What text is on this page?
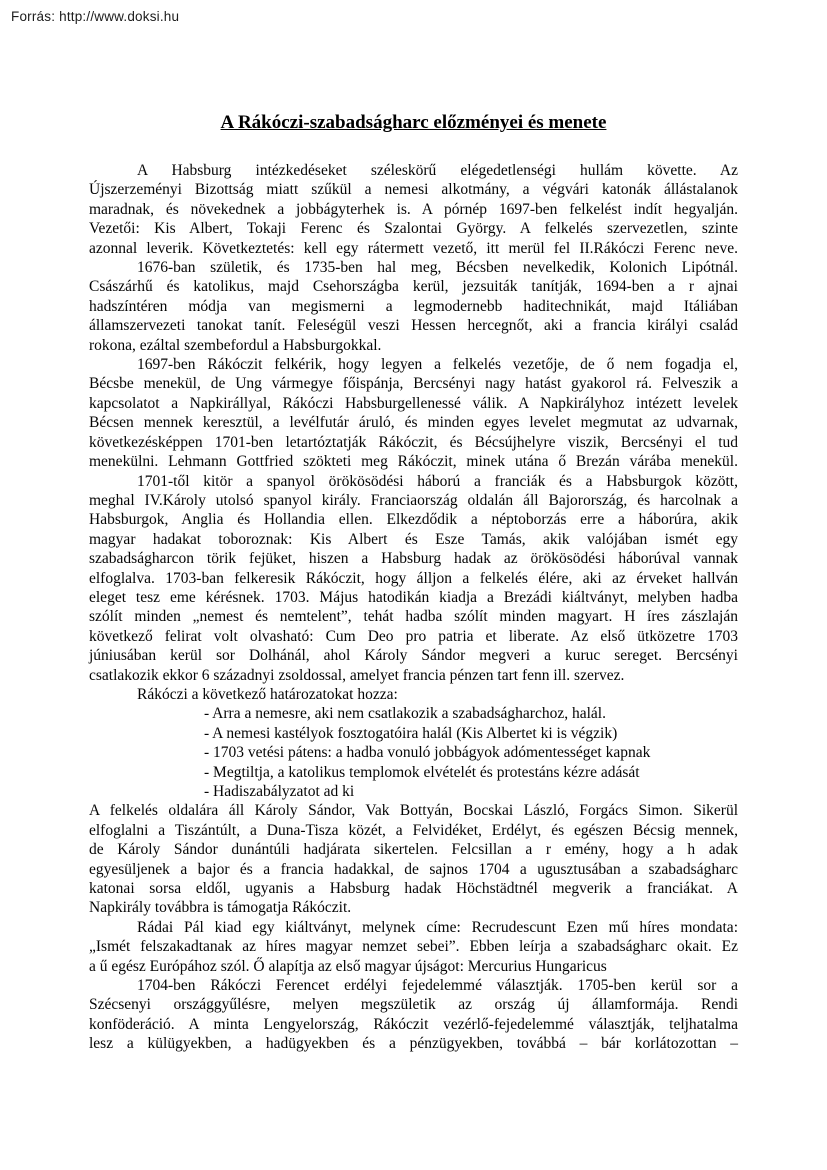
Forrás: http://www.doksi.hu
A Rákóczi-szabadságharc előzményei és menete
A Habsburg intézkedéseket széleskörű elégedetlenségi hullám követte. Az
Újszerzeményi Bizottság miatt szűkül a nemesi alkotmány, a végvári katonák állástalanok
maradnak, és növekednek a jobbágyterhek is. A pórnép 1697-ben felkelést indít hegyalján.
Vezetői: Kis Albert, Tokaji Ferenc és Szalontai György. A felkelés szervezetlen, szinte
azonnal leverik. Következtetés: kell egy rátermett vezető, itt merül fel II.Rákóczi Ferenc neve.
1676-ban születik, és 1735-ben hal meg, Bécsben nevelkedik, Kolonich Lipótnál.
Császárhű és katolikus, majd Csehországba kerül, jezsuiták tanítják, 1694-ben a r ajnai
hadszíntéren módja van megismerni a legmodernebb haditechnikát, majd Itáliában
államszervezeti tanokat tanít. Feleségül veszi Hessen hercegnőt, aki a francia királyi család
rokona, ezáltal szembefordul a Habsburgokkal.
1697-ben Rákóczit felkérik, hogy legyen a felkelés vezetője, de ő nem fogadja el,
Bécsbe menekül, de Ung vármegye főispánja, Bercsényi nagy hatást gyakorol rá. Felveszik a
kapcsolatot a Napkirállyal, Rákóczi Habsburgellenessé válik. A Napkirályhoz intézett levelek
Bécsen mennek keresztül, a levélfutár áruló, és minden egyes levelet megmutat az udvarnak,
következésképpen 1701-ben letartóztatják Rákóczit, és Bécsújhelyre viszik, Bercsényi el tud
menekülni. Lehmann Gottfried szökteti meg Rákóczit, minek utána ő Brezán várába menekül.
1701-től kitör a spanyol örökösödési háború a franciák és a Habsburgok között,
meghal IV.Károly utolsó spanyol király. Franciaország oldalán áll Bajorország, és harcolnak a
Habsburgok, Anglia és Hollandia ellen. Elkezdődik a néptoborzás erre a háborúra, akik
magyar hadakat toboroznak: Kis Albert és Esze Tamás, akik valójában ismét egy
szabadságharcon törik fejüket, hiszen a Habsburg hadak az örökösödési háborúval vannak
elfoglalva. 1703-ban felkeresik Rákóczit, hogy álljon a felkelés élére, aki az érveket hallván
eleget tesz eme kérésnek. 1703. Május hatodikán kiadja a Brezádi kiáltványt, melyben hadba
szólít minden „nemest és nemtelent”, tehát hadba szólít minden magyart. H íres zászlaján
következő felirat volt olvasható: Cum Deo pro patria et liberate. Az első ütközetre 1703
júniusában kerül sor Dolhánál, ahol Károly Sándor megveri a kuruc sereget. Bercsényi
csatlakozik ekkor 6 századnyi zsoldossal, amelyet francia pénzen tart fenn ill. szervez.
Rákóczi a következő határozatokat hozza:
- Arra a nemesre, aki nem csatlakozik a szabadságharchoz, halál.
- A nemesi kastélyok fosztogatóira halál (Kis Albertet ki is végzik)
- 1703 vetési pátens: a hadba vonuló jobbágyok adómentességet kapnak
- Megtiltja, a katolikus templomok elvételét és protestáns kézre adását
- Hadiszabályzatot ad ki
A felkelés oldalára áll Károly Sándor, Vak Bottyán, Bocskai László, Forgács Simon. Sikerül
elfoglalni a Tiszántúlt, a Duna-Tisza közét, a Felvidéket, Erdélyt, és egészen Bécsig mennek,
de Károly Sándor dunántúli hadjárata sikertelen. Felcsillan a r emény, hogy a h adak
egyesüljenek a bajor és a francia hadakkal, de sajnos 1704 a ugusztusában a szabadságharc
katonai sorsa eldől, ugyanis a Habsburg hadak Höchstädtnél megverik a franciákat. A
Napkirály továbbra is támogatja Rákóczit.
Rádai Pál kiad egy kiáltványt, melynek címe: Recrudescunt Ezen mű híres mondata:
„Ismét felszakadtanak az híres magyar nemzet sebei”. Ebben leírja a szabadságharc okait. Ez
a ű egész Európához szól. Ő alapítja az első magyar újságot: Mercurius Hungaricus
1704-ben Rákóczi Ferencet erdélyi fejedelemmé választják. 1705-ben kerül sor a
Szécsenyi országgyűlésre, melyen megszületik az ország új államformája. Rendi
konföderáció. A minta Lengyelország, Rákóczit vezérlő-fejedelemmé választják, teljhatalma
lesz a külügyekben, a hadügyekben és a pénzügyekben, továbbá – bár korlátozottan –
